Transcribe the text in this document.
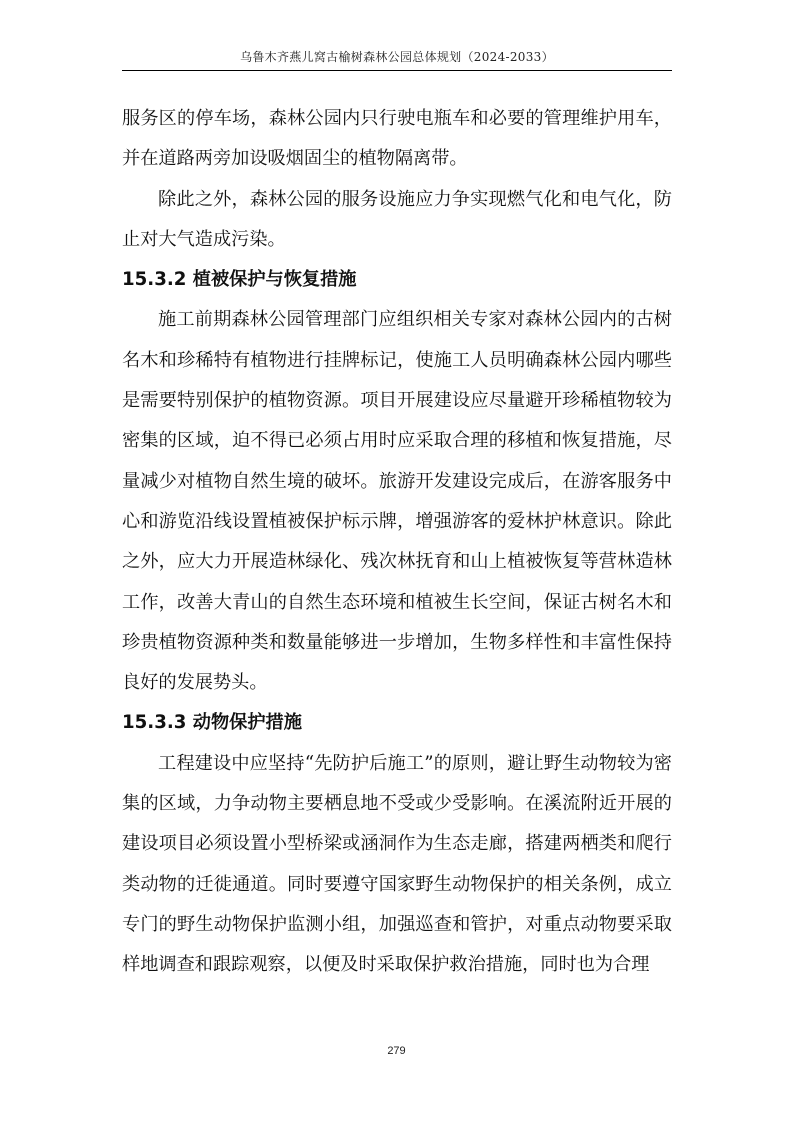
乌鲁木齐燕儿窝古榆树森林公园总体规划（2024-2033）

服务区的停车场，森林公园内只行驶电瓶车和必要的管理维护用车，并在道路两旁加设吸烟固尘的植物隔离带。

除此之外，森林公园的服务设施应力争实现燃气化和电气化，防止对大气造成污染。

15.3.2 植被保护与恢复措施

施工前期森林公园管理部门应组织相关专家对森林公园内的古树名木和珍稀特有植物进行挂牌标记，使施工人员明确森林公园内哪些是需要特别保护的植物资源。项目开展建设应尽量避开珍稀植物较为密集的区域，迫不得已必须占用时应采取合理的移植和恢复措施，尽量减少对植物自然生境的破坏。旅游开发建设完成后，在游客服务中心和游览沿线设置植被保护标示牌，增强游客的爱林护林意识。除此之外，应大力开展造林绿化、残次林抚育和山上植被恢复等营林造林工作，改善大青山的自然生态环境和植被生长空间，保证古树名木和珍贵植物资源种类和数量能够进一步增加，生物多样性和丰富性保持良好的发展势头。

15.3.3 动物保护措施

工程建设中应坚持“先防护后施工”的原则，避让野生动物较为密集的区域，力争动物主要栖息地不受或少受影响。在溪流附近开展的建设项目必须设置小型桥梁或涵洞作为生态走廊，搭建两栖类和爬行类动物的迁徙通道。同时要遵守国家野生动物保护的相关条例，成立专门的野生动物保护监测小组，加强巡查和管护，对重点动物要采取样地调查和跟踪观察，以便及时采取保护救治措施，同时也为合理

279
